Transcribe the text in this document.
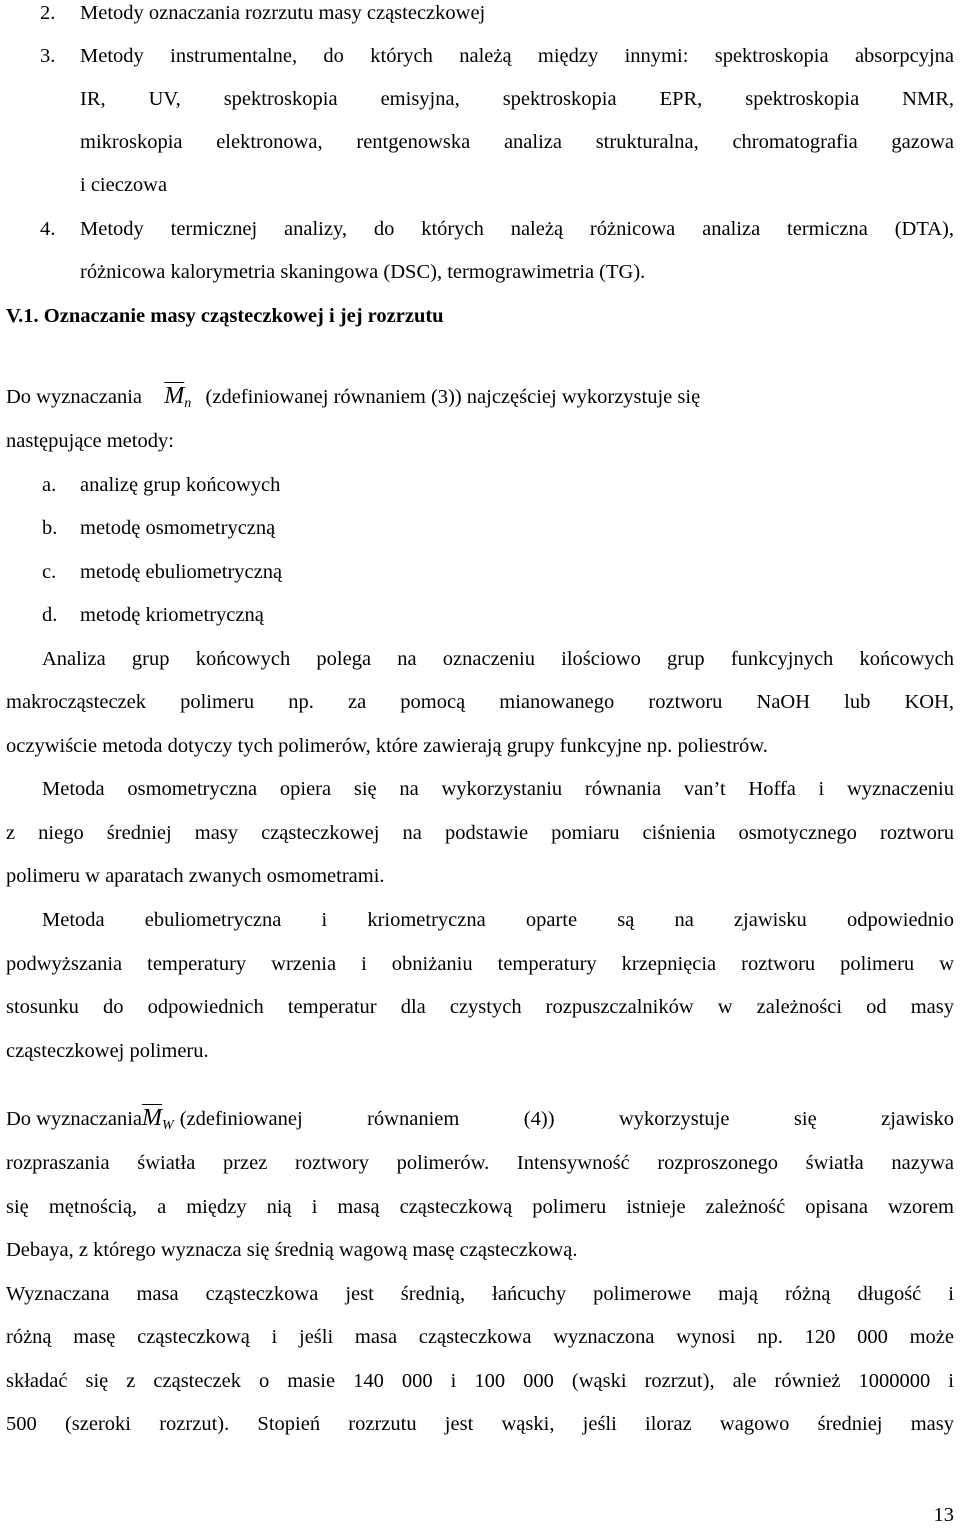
2. Metody oznaczania rozrzutu masy cząsteczkowej
3. Metody instrumentalne, do których należą między innymi: spektroskopia absorpcyjna
IR, UV, spektroskopia emisyjna, spektroskopia EPR, spektroskopia NMR,
mikroskopia elektronowa, rentgenowska analiza strukturalna, chromatografia gazowa
i cieczowa
4. Metody termicznej analizy, do których należą różnicowa analiza termiczna (DTA),
różnicowa kalorymetria skaningowa (DSC), termograwimetria (TG).
V.1. Oznaczanie masy cząsteczkowej i jej rozrzutu
Do wyznaczania $\overline{M}_n$ (zdefiniowanej równaniem (3)) najczęściej wykorzystuje się
następujące metody:
a. analizę grup końcowych
b. metodę osmometryczną
c. metodę ebuliometryczną
d. metodę kriometryczną
Analiza grup końcowych polega na oznaczeniu ilościowo grup funkcyjnych końcowych
makrocząsteczek polimeru np. za pomocą mianowanego roztworu NaOH lub KOH,
oczywiście metoda dotyczy tych polimerów, które zawierają grupy funkcyjne np. poliestrów.
Metoda osmometryczna opiera się na wykorzystaniu równania van’t Hoffa i wyznaczeniu
z niego średniej masy cząsteczkowej na podstawie pomiaru ciśnienia osmotycznego roztworu
polimeru w aparatach zwanych osmometrami.
Metoda ebuliometryczna i kriometryczna oparte są na zjawisku odpowiednio
podwyższania temperatury wrzenia i obniżaniu temperatury krzepnięcia roztworu polimeru w
stosunku do odpowiednich temperatur dla czystych rozpuszczalników w zależności od masy
cząsteczkowej polimeru.
Do wyznaczania $\overline{M}_W$ (zdefiniowanej równaniem (4)) wykorzystuje się zjawisko
rozpraszania światła przez roztwory polimerów. Intensywność rozproszonego światła nazywa
się mętnością, a między nią i masą cząsteczkową polimeru istnieje zależność opisana wzorem
Debaya, z którego wyznacza się średnią wagową masę cząsteczkową.
Wyznaczana masa cząsteczkowa jest średnią, łańcuchy polimerowe mają różną długość i
różną masę cząsteczkową i jeśli masa cząsteczkowa wyznaczona wynosi np. 120 000 może
składać się z cząsteczek o masie 140 000 i 100 000 (wąski rozrzut), ale również 1000000 i
500 (szeroki rozrzut). Stopień rozrzutu jest wąski, jeśli iloraz wagowo średniej masy
13
